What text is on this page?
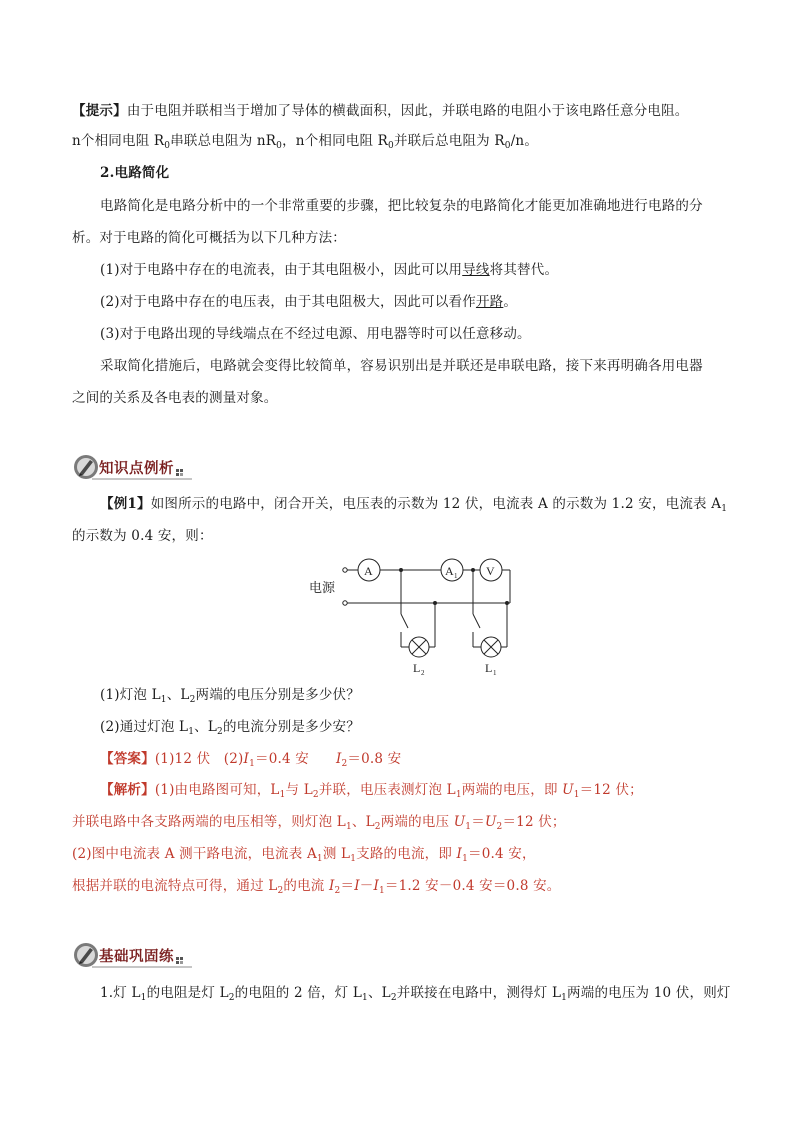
【提示】由于电阻并联相当于增加了导体的横截面积，因此，并联电路的电阻小于该电路任意分电阻。
n个相同电阻 $R_0$串联总电阻为 $nR_0$，n个相同电阻 $R_0$并联后总电阻为 $R_0/n$。
2.电路简化
电路简化是电路分析中的一个非常重要的步骤，把比较复杂的电路简化才能更加准确地进行电路的分
析。对于电路的简化可概括为以下几种方法：
(1)对于电路中存在的电流表，由于其电阻极小，因此可以用导线将其替代。
(2)对于电路中存在的电压表，由于其电阻极大，因此可以看作开路。
(3)对于电路出现的导线端点在不经过电源、用电器等时可以任意移动。
采取简化措施后，电路就会变得比较简单，容易识别出是并联还是串联电路，接下来再明确各用电器
之间的关系及各电表的测量对象。
知识点例析
【例1】如图所示的电路中，闭合开关，电压表的示数为 12 伏，电流表 A 的示数为 1.2 安，电流表 $A_1$
的示数为 0.4 安，则：
电源
A	A 1 V
L 2	L 1
(1)灯泡 $L_1$、$L_2$两端的电压分别是多少伏？
(2)通过灯泡 $L_1$、$L_2$的电流分别是多少安？
【答案】(1)12 伏 $(2)I_1=0.4$ 安 $I_2=0.8$ 安
【解析】(1)由电路图可知，$L_1$与 $L_2$并联，电压表测灯泡 $L_1$两端的电压，即 $U_1=12$ 伏；
并联电路中各支路两端的电压相等，则灯泡 $L_1$、$L_2$两端的电压 $U_1=U_2=12$ 伏；
(2)图中电流表 A 测干路电流，电流表 $A_1$测 $L_1$支路的电流，即 $I_1=0.4$ 安，
根据并联的电流特点可得，通过 $L_2$的电流 $I_2=I-I_1=1.2$ 安－0.4 安＝0.8 安。
基础巩固练
1.灯 $L_1$的电阻是灯 $L_2$的电阻的 2 倍，灯 $L_1$、$L_2$并联接在电路中，测得灯 $L_1$两端的电压为 10 伏，则灯
